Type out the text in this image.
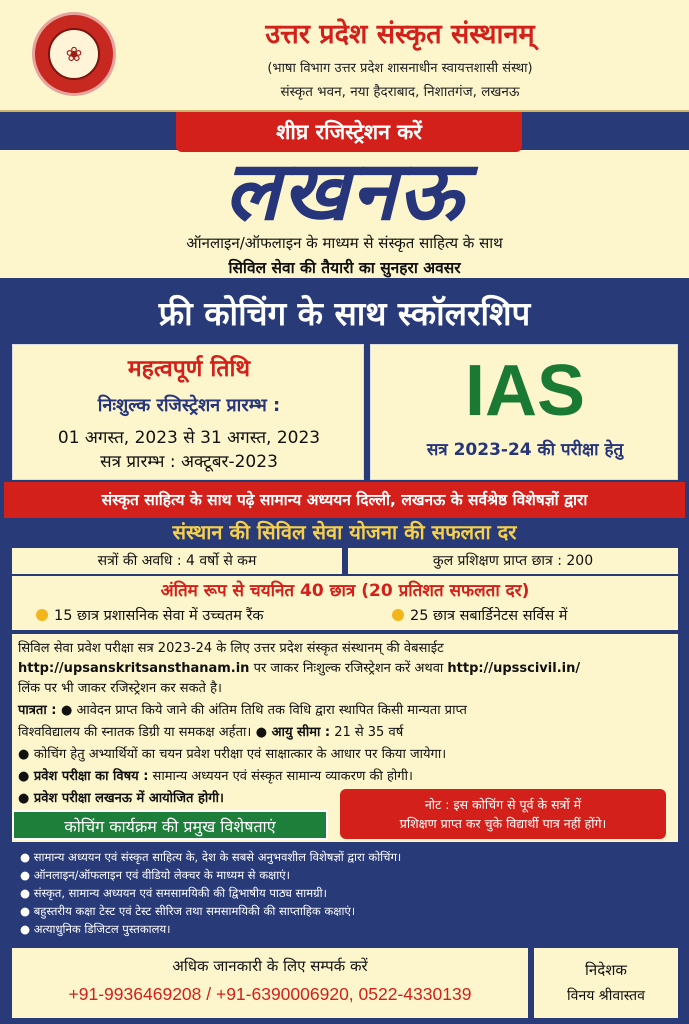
❀
उत्तर प्रदेश संस्कृत संस्थानम्
(भाषा विभाग उत्तर प्रदेश शासनाधीन स्वायत्तशासी संस्था)
संस्कृत भवन, नया हैदराबाद, निशातगंज, लखनऊ
शीघ्र रजिस्ट्रेशन करें
लखनऊ
ऑनलाइन/ऑफलाइन के माध्यम से संस्कृत साहित्य के साथ
सिविल सेवा की तैयारी का सुनहरा अवसर
फ्री कोचिंग के साथ स्कॉलरशिप
महत्वपूर्ण तिथि
निःशुल्क रजिस्ट्रेशन प्रारम्भ :
01 अगस्त, 2023 से 31 अगस्त, 2023
सत्र प्रारम्भ : अक्टूबर-2023
IAS
सत्र 2023-24 की परीक्षा हेतु
संस्कृत साहित्य के साथ पढ़े सामान्य अध्ययन दिल्ली, लखनऊ के सर्वश्रेष्ठ विशेषज्ञों द्वारा
संस्थान की सिविल सेवा योजना की सफलता दर
सत्रों की अवधि : 4 वर्षो से कम	कुल प्रशिक्षण प्राप्त छात्र : 200
अंतिम रूप से चयनित 40 छात्र (20 प्रतिशत सफलता दर)
15 छात्र प्रशासनिक सेवा में उच्चतम रैंक	25 छात्र सबार्डिनेटस सर्विस में
सिविल सेवा प्रवेश परीक्षा सत्र 2023-24 के लिए उत्तर प्रदेश संस्कृत संस्थानम् की वेबसाईट
http://upsanskritsansthanam.in पर जाकर निःशुल्क रजिस्ट्रेशन करें अथवा http://upsscivil.in/
लिंक पर भी जाकर रजिस्ट्रेशन कर सकते है।
पात्रता : ● आवेदन प्राप्त किये जाने की अंतिम तिथि तक विधि द्वारा स्थापित किसी मान्यता प्राप्त
विश्वविद्यालय की स्नातक डिग्री या समकक्ष अर्हता। ● आयु सीमा : 21 से 35 वर्ष
● कोचिंग हेतु अभ्यार्थियों का चयन प्रवेश परीक्षा एवं साक्षात्कार के आधार पर किया जायेगा।
● प्रवेश परीक्षा का विषय : सामान्य अध्ययन एवं संस्कृत सामान्य व्याकरण की होगी।
● प्रवेश परीक्षा लखनऊ में आयोजित होगी।	नोट : इस कोचिंग से पूर्व के सत्रों में
प्रशिक्षण प्राप्त कर चुके विद्यार्थी पात्र नहीं होंगे।
कोचिंग कार्यक्रम की प्रमुख विशेषताएं
● सामान्य अध्ययन एवं संस्कृत साहित्य के, देश के सबसे अनुभवशील विशेषज्ञों द्वारा कोचिंग।
● ऑनलाइन/ऑफलाइन एवं वीडियो लेक्चर के माध्यम से कक्षाएं।
● संस्कृत, सामान्य अध्ययन एवं समसामयिकी की द्विभाषीय पाठ्य सामग्री।
● बहुस्तरीय कक्षा टेस्ट एवं टेस्ट सीरिज तथा समसामयिकी की साप्ताहिक कक्षाएं।
● अत्याधुनिक डिजिटल पुस्तकालय।
अधिक जानकारी के लिए सम्पर्क करें
+91-9936469208 / +91-6390006920, 0522-4330139
निदेशक
विनय श्रीवास्तव
